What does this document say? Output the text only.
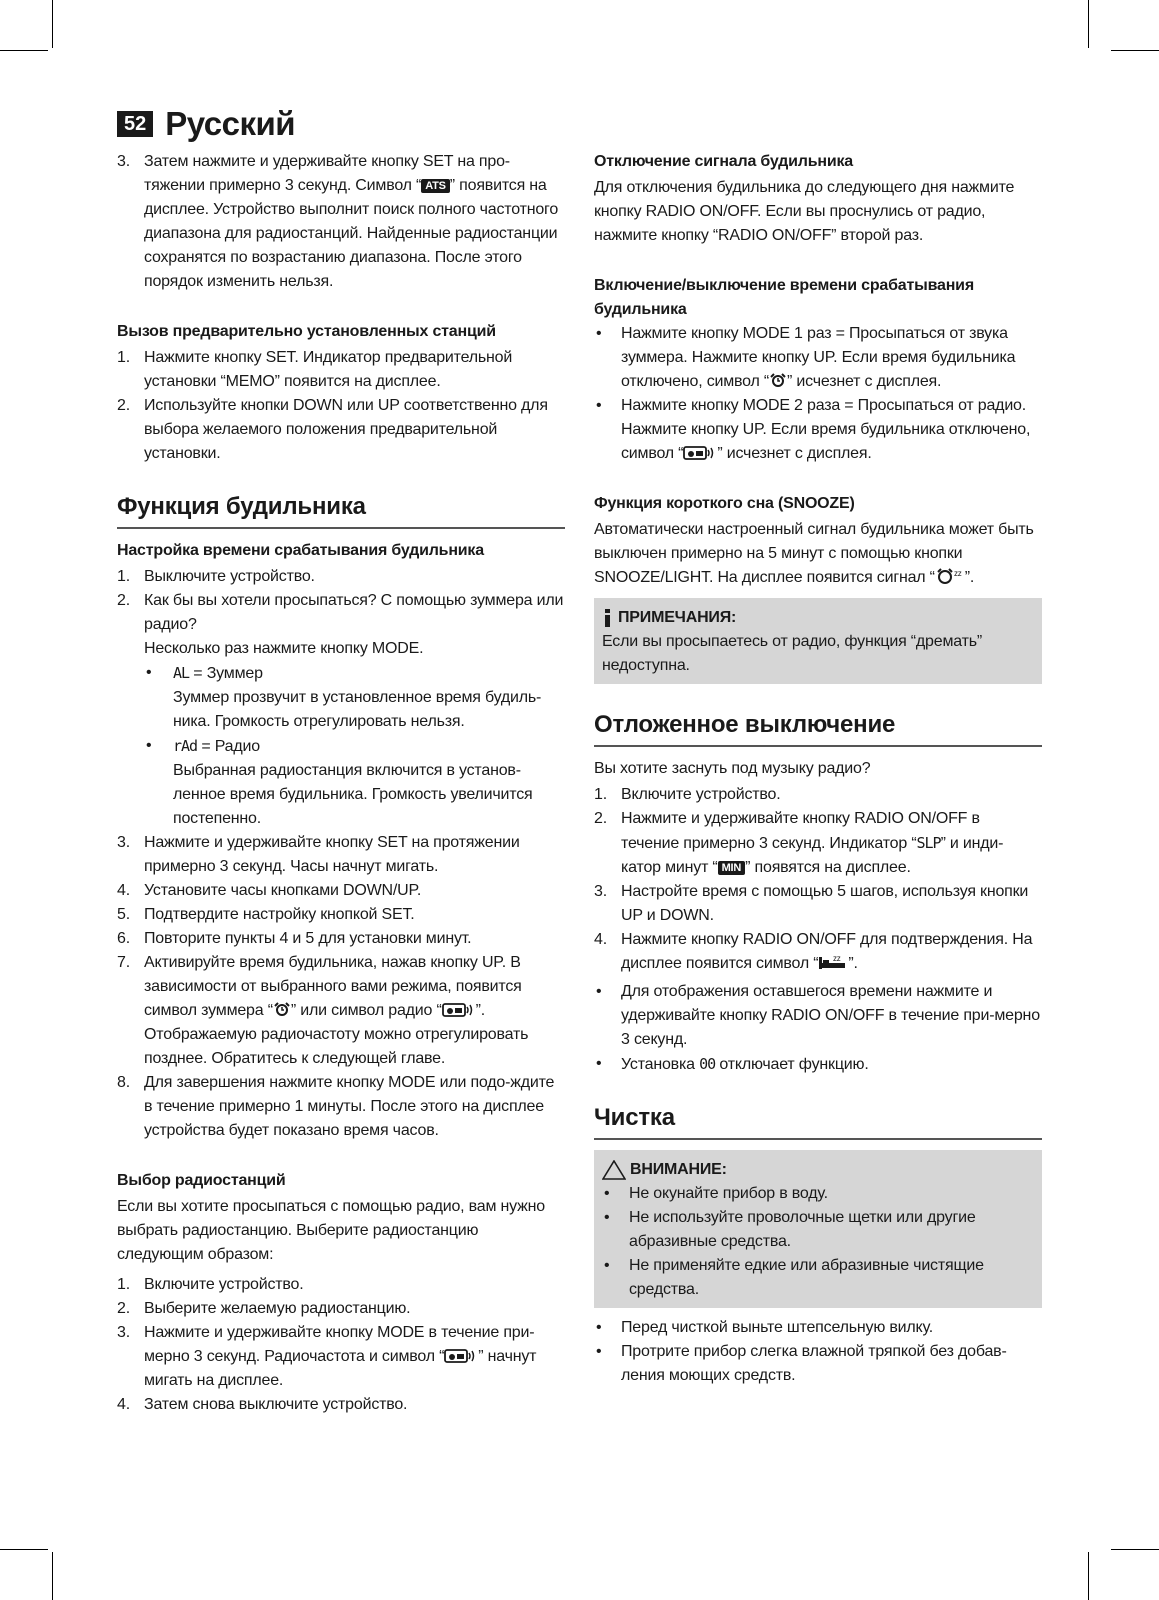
52 Русский
3. Затем нажмите и удерживайте кнопку SET на про-тяжении примерно 3 секунд. Символ “ ATS ” появится на дисплее. Устройство выполнит поиск полного частотного диапазона для радиостанций. Найденные радиостанции сохранятся по возрастанию диапазона. После этого порядок изменить нельзя.

Вызов предварительно установленных станций

1. Нажмите кнопку SET. Индикатор предварительной установки “MEMO” появится на дисплее.
2. Используйте кнопки DOWN или UP соответственно для выбора желаемого положения предварительной установки.

Функция будильника

Настройка времени срабатывания будильника

1. Выключите устройство.
2. Как бы вы хотели просыпаться? С помощью зуммера или радио?
Несколько раз нажмите кнопку MODE.
• AL = Зуммер
Зуммер прозвучит в установленное время будиль-ника. Громкость отрегулировать нельзя.
• rAd = Радио
Выбранная радиостанция включится в установ-ленное время будильника. Громкость увеличится постепенно.
3. Нажмите и удерживайте кнопку SET на протяжении примерно 3 секунд. Часы начнут мигать.
4. Установите часы кнопками DOWN/UP.
5. Подтвердите настройку кнопкой SET.
6. Повторите пункты 4 и 5 для установки минут.
7. Активируйте время будильника, нажав кнопку UP. В зависимости от выбранного вами режима, появится символ зуммера “ ” или символ радио “ ”. Отображаемую радиочастоту можно отрегулировать позднее. Обратитесь к следующей главе.
8. Для завершения нажмите кнопку MODE или подо-ждите в течение примерно 1 минуты. После этого на дисплее устройства будет показано время часов.

Выбор радиостанций

Если вы хотите просыпаться с помощью радио, вам нужно выбрать радиостанцию. Выберите радиостанцию следующим образом:

1. Включите устройство.
2. Выберите желаемую радиостанцию.
3. Нажмите и удерживайте кнопку MODE в течение при-мерно 3 секунд. Радиочастота и символ “ ” начнут мигать на дисплее.
4. Затем снова выключите устройство.

Отключение сигнала будильника

Для отключения будильника до следующего дня нажмите кнопку RADIO ON/OFF. Если вы проснулись от радио, нажмите кнопку “RADIO ON/OFF” второй раз.

Включение/выключение времени срабатывания будильника

• Нажмите кнопку MODE 1 раз = Просыпаться от звука зуммера. Нажмите кнопку UP. Если время будильника отключено, символ “ ” исчезнет с дисплея.
• Нажмите кнопку MODE 2 раза = Просыпаться от радио. Нажмите кнопку UP. Если время будильника отключено, символ “ ” исчезнет с дисплея.

Функция короткого сна (SNOOZE)

Автоматически настроенный сигнал будильника может быть выключен примерно на 5 минут с помощью кнопки SNOOZE/LIGHT. На дисплее появится сигнал “ zz ”.

ПРИМЕЧАНИЯ:

Если вы просыпаетесь от радио, функция “дремать” недоступна.

Отложенное выключение

Вы хотите заснуть под музыку радио?

1. Включите устройство.
2. Нажмите и удерживайте кнопку RADIO ON/OFF в течение примерно 3 секунд. Индикатор “SLP” и инди-катор минут “ MIN ” появятся на дисплее.
3. Настройте время с помощью 5 шагов, используя кнопки UP и DOWN.
4. Нажмите кнопку RADIO ON/OFF для подтверждения. На дисплее появится символ “ zz ”.
• Для отображения оставшегося времени нажмите и удерживайте кнопку RADIO ON/OFF в течение при-мерно 3 секунд.
• Установка 00 отключает функцию.

Чистка

ВНИМАНИЕ:
• Не окунайте прибор в воду.
• Не используйте проволочные щетки или другие абразивные средства.
• Не применяйте едкие или абразивные чистящие средства.
• Перед чисткой выньте штепсельную вилку.
• Протрите прибор слегка влажной тряпкой без добав-ления моющих средств.
